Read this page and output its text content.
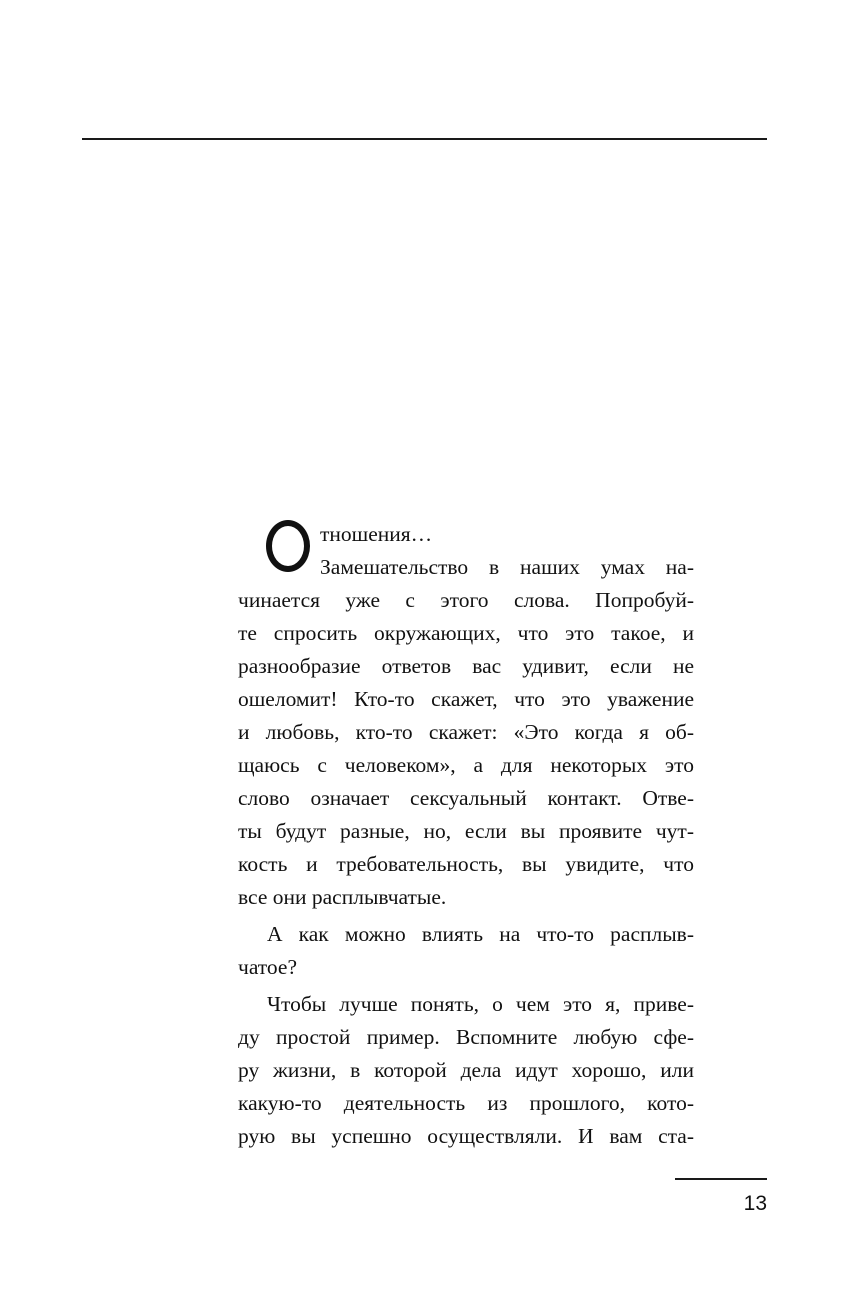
тношения…
Замешательство в наших умах на-
чинается уже с этого слова. Попробуй-
те спросить окружающих, что это такое, и
разнообразие ответов вас удивит, если не
ошеломит! Кто-то скажет, что это уважение
и любовь, кто-то скажет: «Это когда я об-
щаюсь с человеком», а для некоторых это
слово означает сексуальный контакт. Отве-
ты будут разные, но, если вы проявите чут-
кость и требовательность, вы увидите, что
все они расплывчатые.
А как можно влиять на что-то расплыв-
чатое?
Чтобы лучше понять, о чем это я, приве-
ду простой пример. Вспомните любую сфе-
ру жизни, в которой дела идут хорошо, или
какую-то деятельность из прошлого, кото-
рую вы успешно осуществляли. И вам ста-
13
